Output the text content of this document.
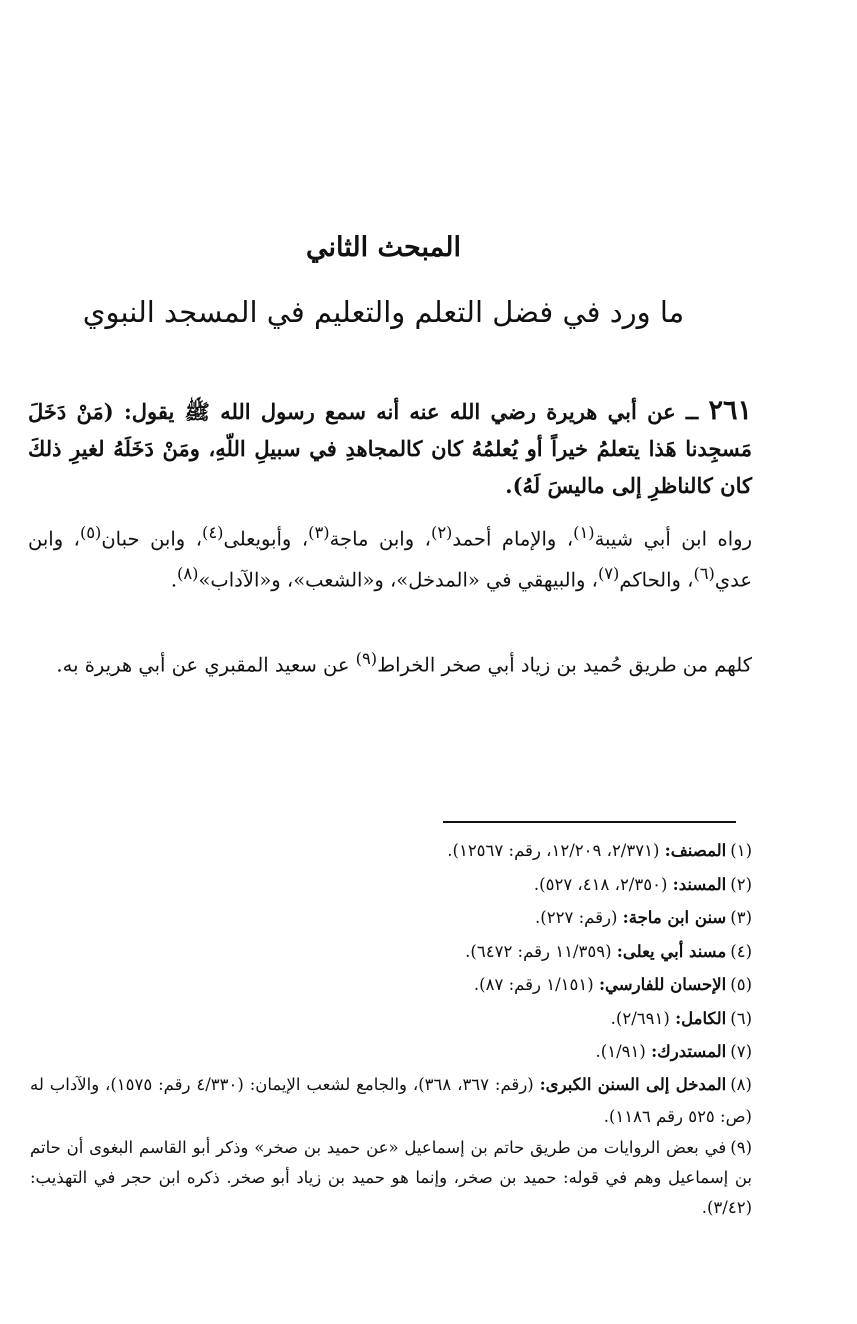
المبحث الثاني
ما ورد في فضل التعلم والتعليم في المسجد النبوي
٢٦١ ــ عن أبي هريرة رضي الله عنه أنه سمع رسول الله ﷺ يقول: (مَنْ دَخَلَ مَسجِدنا هَذا يتعلمُ خيراً أو يُعلمُهُ كان كالمجاهدِ في سبيلِ اللّهِ، ومَنْ دَخَلَهُ لغيرِ ذلكَ كان كالناظرِ إلى ماليسَ لَهُ).
رواه ابن أبي شيبة$^{(١)}$، والإمام أحمد$^{(٢)}$، وابن ماجة$^{(٣)}$، وأبويعلى$^{(٤)}$، وابن حبان$^{(٥)}$، وابن عدي$^{(٦)}$، والحاكم$^{(٧)}$، والبيهقي في «المدخل»، و«الشعب»، و«الآداب»$^{(٨)}$.
كلهم من طريق حُميد بن زياد أبي صخر الخراط$^{(٩)}$ عن سعيد المقبري عن أبي هريرة به.

(١)المصنف: (٢/٣٧١، ١٢/٢٠٩، رقم: ١٢٥٦٧).

(٢)المسند: (٢/٣٥٠، ٤١٨، ٥٢٧).

(٣)سنن ابن ماجة: (رقم: ٢٢٧).

(٤)مسند أبي يعلى: (١١/٣٥٩ رقم: ٦٤٧٢).

(٥)الإحسان للفارسي: (١/١٥١ رقم: ٨٧).

(٦)الكامل: (٢/٦٩١).

(٧)المستدرك: (١/٩١).

(٨)المدخل إلى السنن الكبرى: (رقم: ٣٦٧، ٣٦٨)، والجامع لشعب الإيمان: (٤/٣٣٠ رقم: ١٥٧٥)، والآداب له (ص: ٥٢٥ رقم ١١٨٦).

(٩)في بعض الروايات من طريق حاتم بن إسماعيل «عن حميد بن صخر» وذكر أبو القاسم البغوى أن حاتم بن إسماعيل وهم في قوله: حميد بن صخر، وإنما هو حميد بن زياد أبو صخر. ذكره ابن حجر في التهذيب: (٣/٤٢).
